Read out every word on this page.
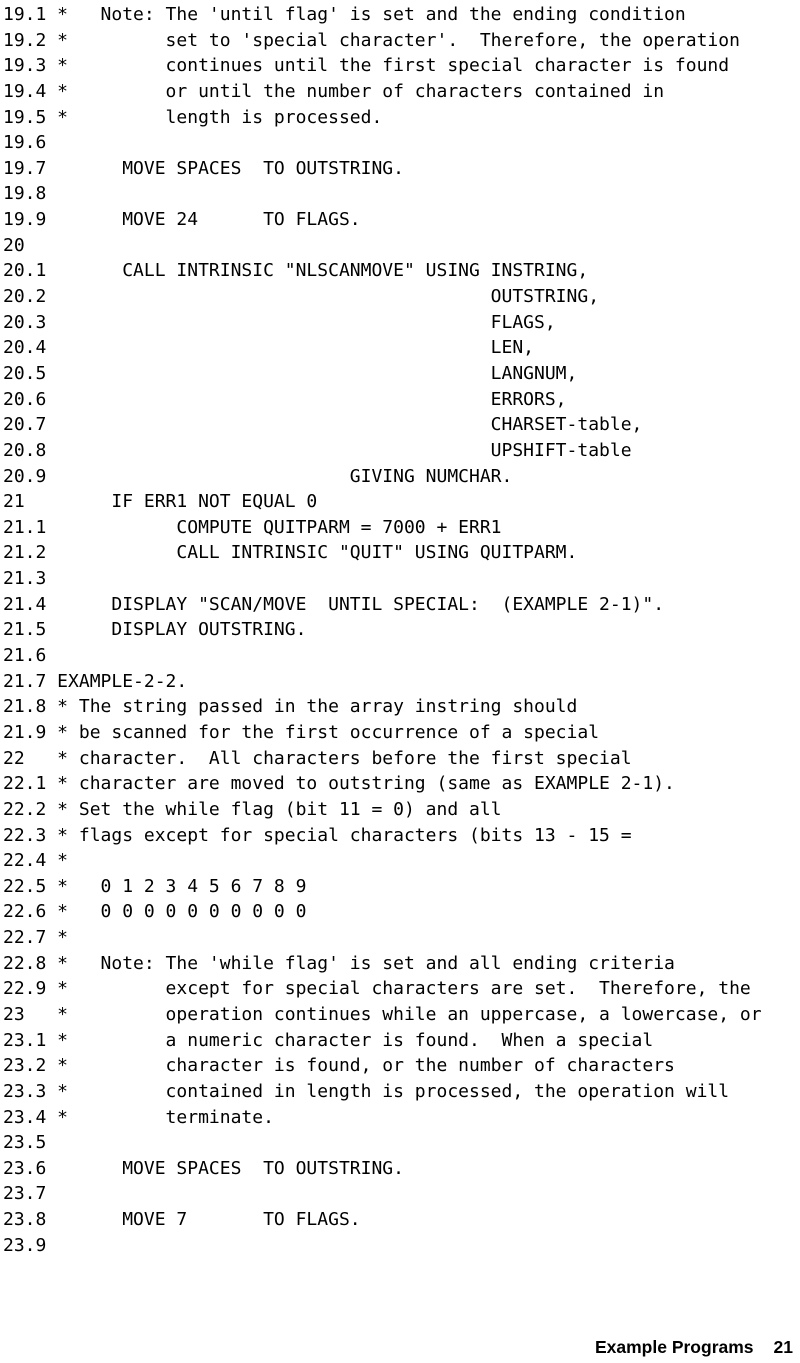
19.1 *   Note: The 'until flag' is set and the ending condition
19.2 *         set to 'special character'.  Therefore, the operation
19.3 *         continues until the first special character is found
19.4 *         or until the number of characters contained in
19.5 *         length is processed.
19.6
19.7       MOVE SPACES  TO OUTSTRING.
19.8
19.9       MOVE 24      TO FLAGS.
20
20.1       CALL INTRINSIC "NLSCANMOVE" USING INSTRING,
20.2                                         OUTSTRING,
20.3                                         FLAGS,
20.4                                         LEN,
20.5                                         LANGNUM,
20.6                                         ERRORS,
20.7                                         CHARSET-table,
20.8                                         UPSHIFT-table
20.9                            GIVING NUMCHAR.
21        IF ERR1 NOT EQUAL 0
21.1            COMPUTE QUITPARM = 7000 + ERR1
21.2            CALL INTRINSIC "QUIT" USING QUITPARM.
21.3
21.4      DISPLAY "SCAN/MOVE  UNTIL SPECIAL:  (EXAMPLE 2-1)".
21.5      DISPLAY OUTSTRING.
21.6
21.7 EXAMPLE-2-2.
21.8 * The string passed in the array instring should
21.9 * be scanned for the first occurrence of a special
22   * character.  All characters before the first special
22.1 * character are moved to outstring (same as EXAMPLE 2-1).
22.2 * Set the while flag (bit 11 = 0) and all
22.3 * flags except for special characters (bits 13 - 15 =
22.4 *
22.5 *   0 1 2 3 4 5 6 7 8 9
22.6 *   0 0 0 0 0 0 0 0 0 0
22.7 *
22.8 *   Note: The 'while flag' is set and all ending criteria
22.9 *         except for special characters are set.  Therefore, the
23   *         operation continues while an uppercase, a lowercase, or
23.1 *         a numeric character is found.  When a special
23.2 *         character is found, or the number of characters
23.3 *         contained in length is processed, the operation will
23.4 *         terminate.
23.5
23.6       MOVE SPACES  TO OUTSTRING.
23.7
23.8       MOVE 7       TO FLAGS.
23.9
Example Programs 21
